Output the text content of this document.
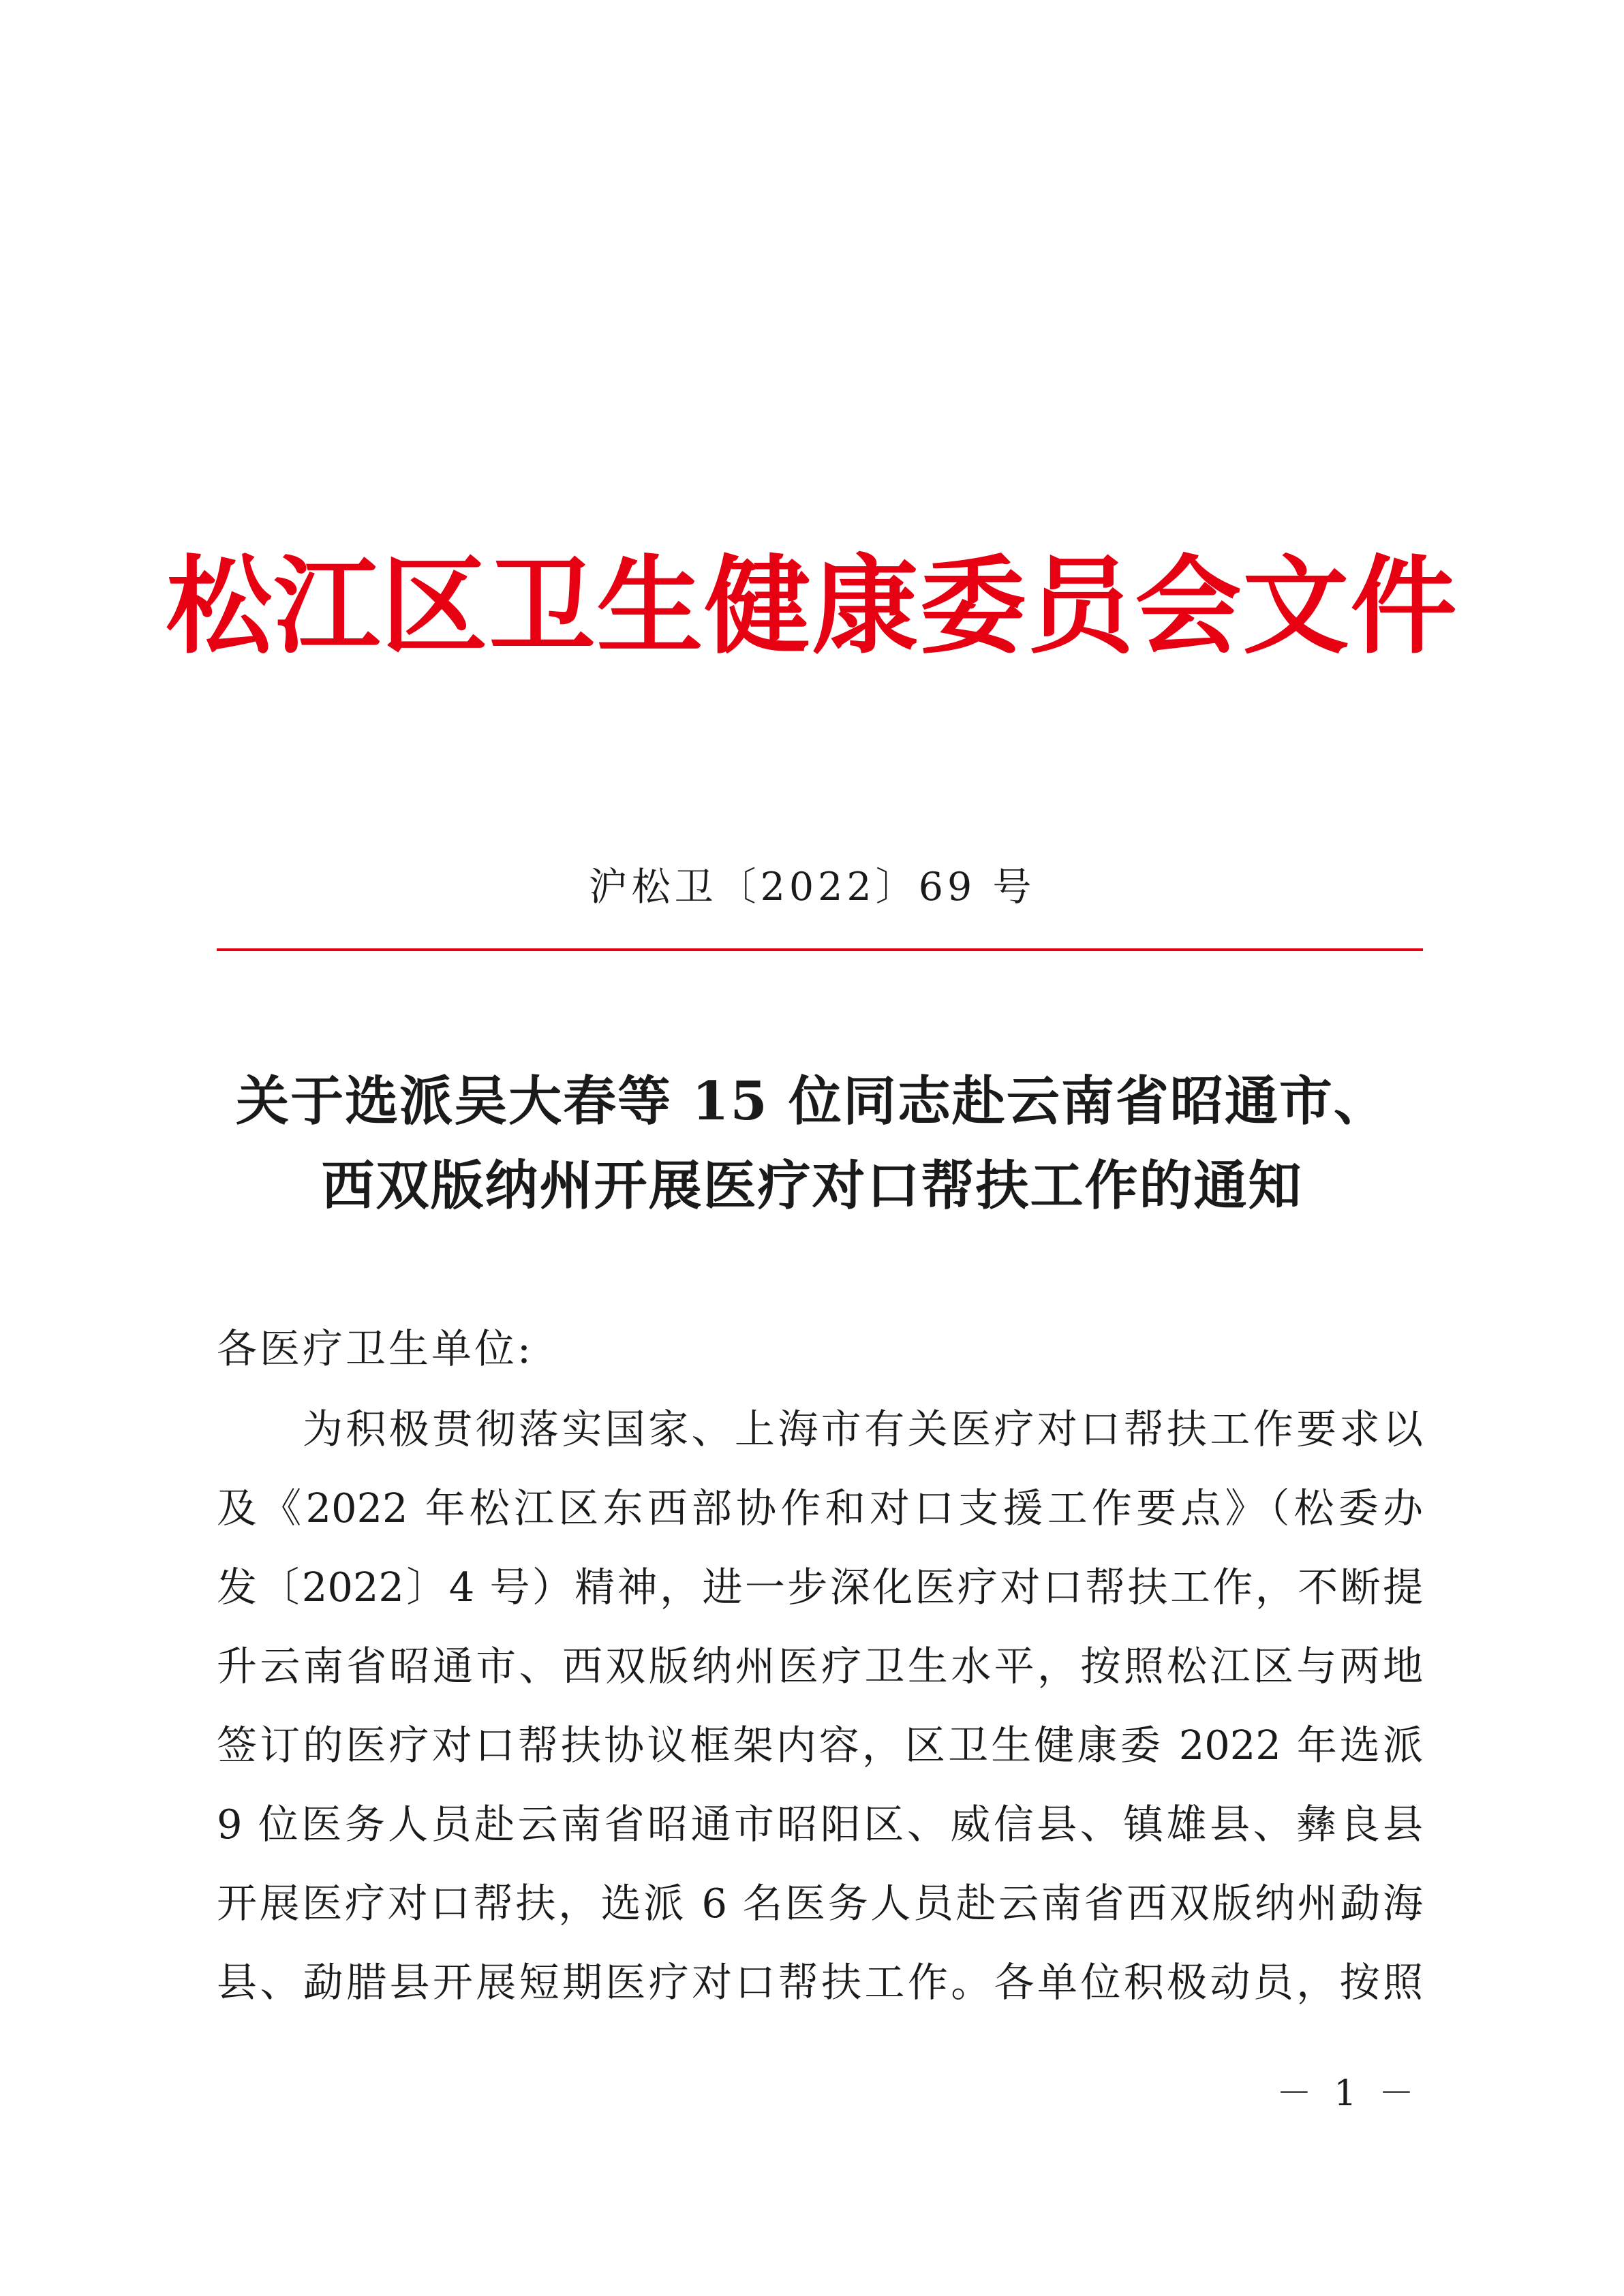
松江区卫生健康委员会文件
沪松卫〔2022〕69 号
关于选派吴大春等 15 位同志赴云南省昭通市、
西双版纳州开展医疗对口帮扶工作的通知
各医疗卫生单位:
为积极贯彻落实国家、上海市有关医疗对口帮扶工作要求以
及《2022 年松江区东西部协作和对口支援工作要点》（松委办
发〔2022〕4 号）精神，进一步深化医疗对口帮扶工作，不断提
升云南省昭通市、西双版纳州医疗卫生水平，按照松江区与两地
签订的医疗对口帮扶协议框架内容，区卫生健康委 2022 年选派
9 位医务人员赴云南省昭通市昭阳区、威信县、镇雄县、彝良县
开展医疗对口帮扶，选派 6 名医务人员赴云南省西双版纳州勐海
县、勐腊县开展短期医疗对口帮扶工作。各单位积极动员，按照
－ 1 －
